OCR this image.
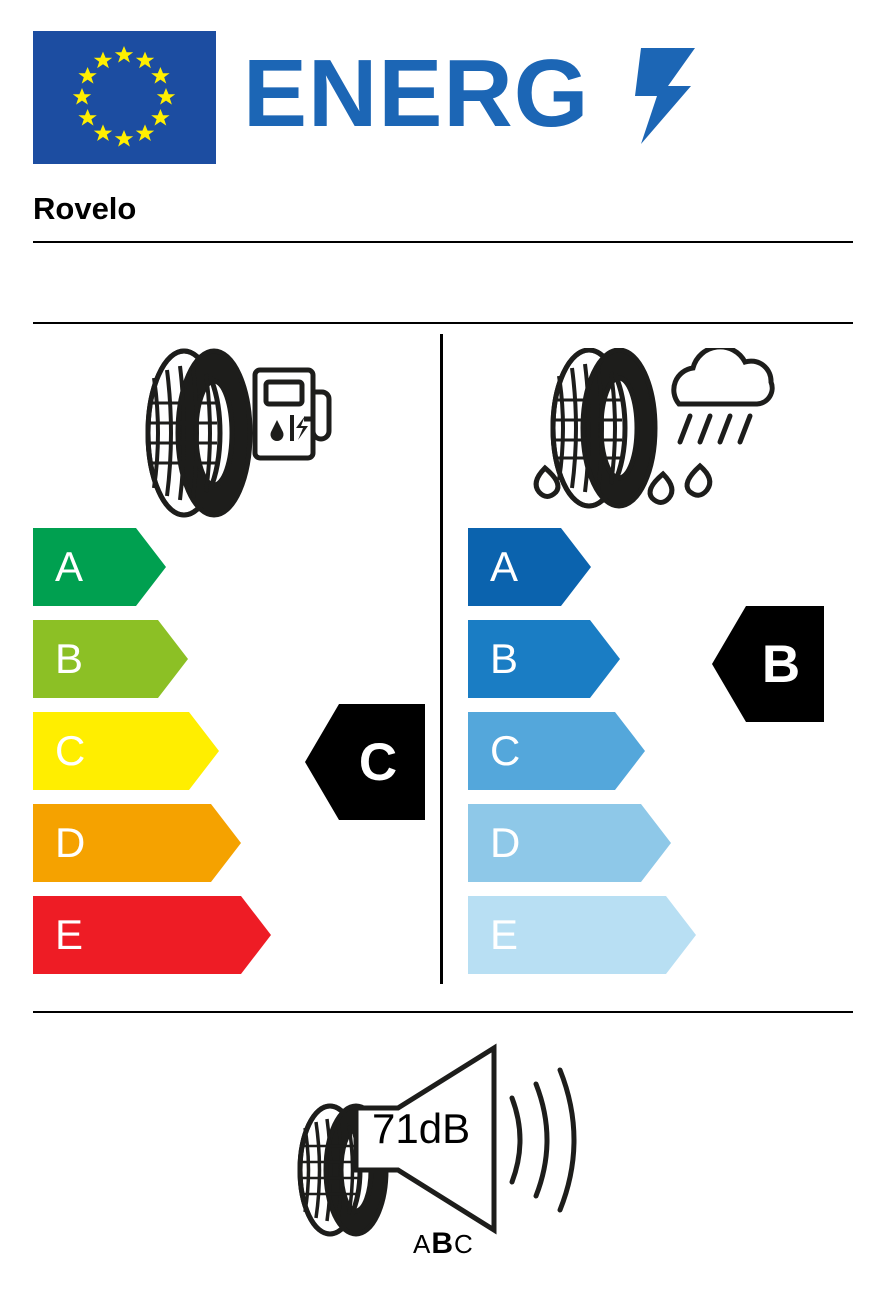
ENERG
Rovelo
A
B
C
D
E
A
B
C
D
E
C
B
71dB
ABC
